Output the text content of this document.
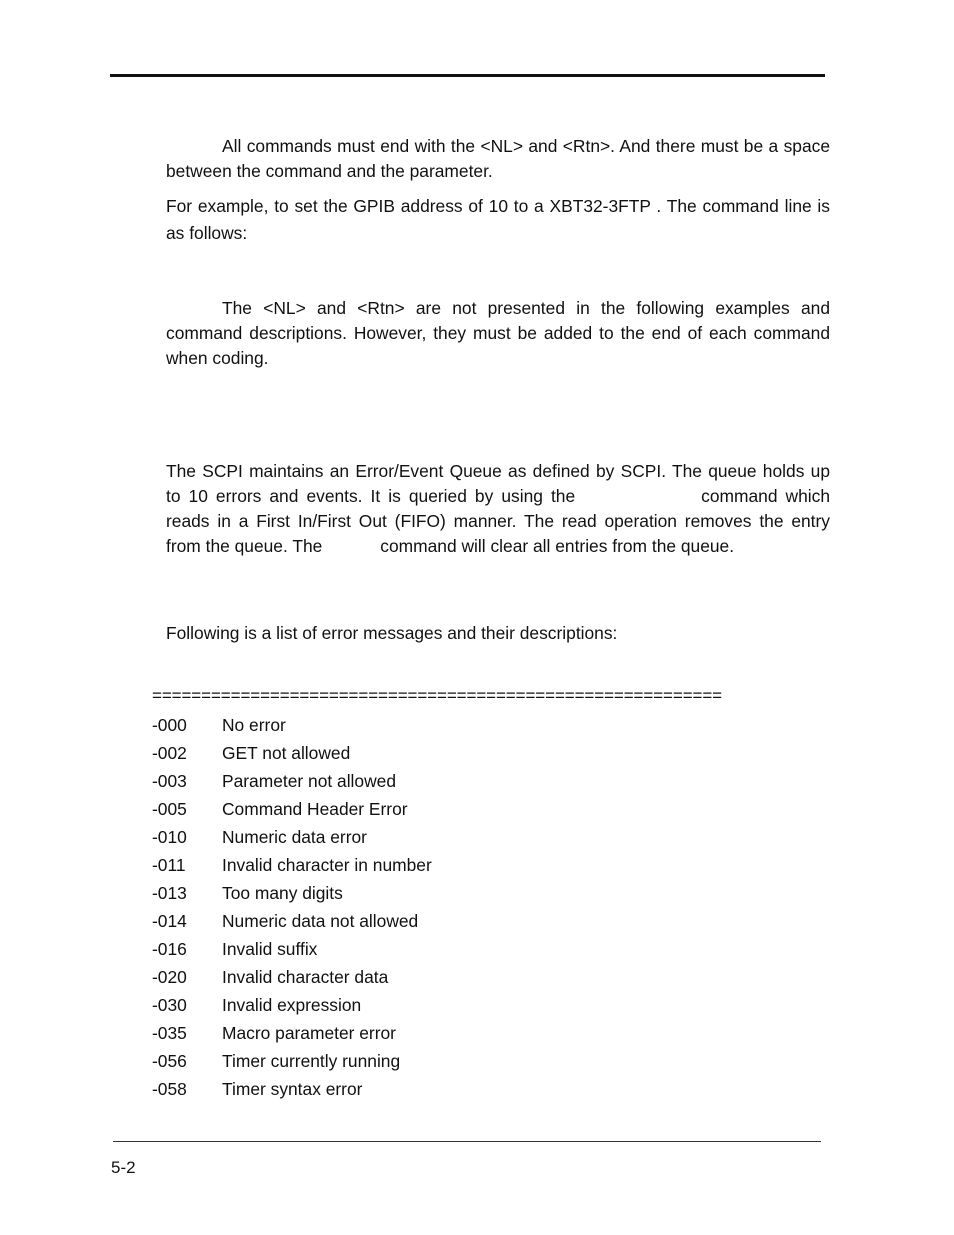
All commands must end with the <NL> and <Rtn>. And there must be a space between the command and the parameter.

For example, to set the GPIB address of 10 to a XBT32-3FTP . The command line is as follows:

The <NL> and <Rtn> are not presented in the following examples and command descriptions. However, they must be added to the end of each command when coding.

The SCPI maintains an Error/Event Queue as defined by SCPI. The queue holds up to 10 errors and events. It is queried by using the	command which reads in a First In/First Out (FIFO) manner. The read operation removes the entry from the queue. The	command will clear all entries from the queue.

Following is a list of error messages and their descriptions:

==========================================================
-000	No error
-002	GET not allowed
-003	Parameter not allowed
-005	Command Header Error
-010	Numeric data error
-011	Invalid character in number
-013	Too many digits
-014	Numeric data not allowed
-016	Invalid suffix
-020	Invalid character data
-030	Invalid expression
-035	Macro parameter error
-056	Timer currently running
-058	Timer syntax error
5-2
